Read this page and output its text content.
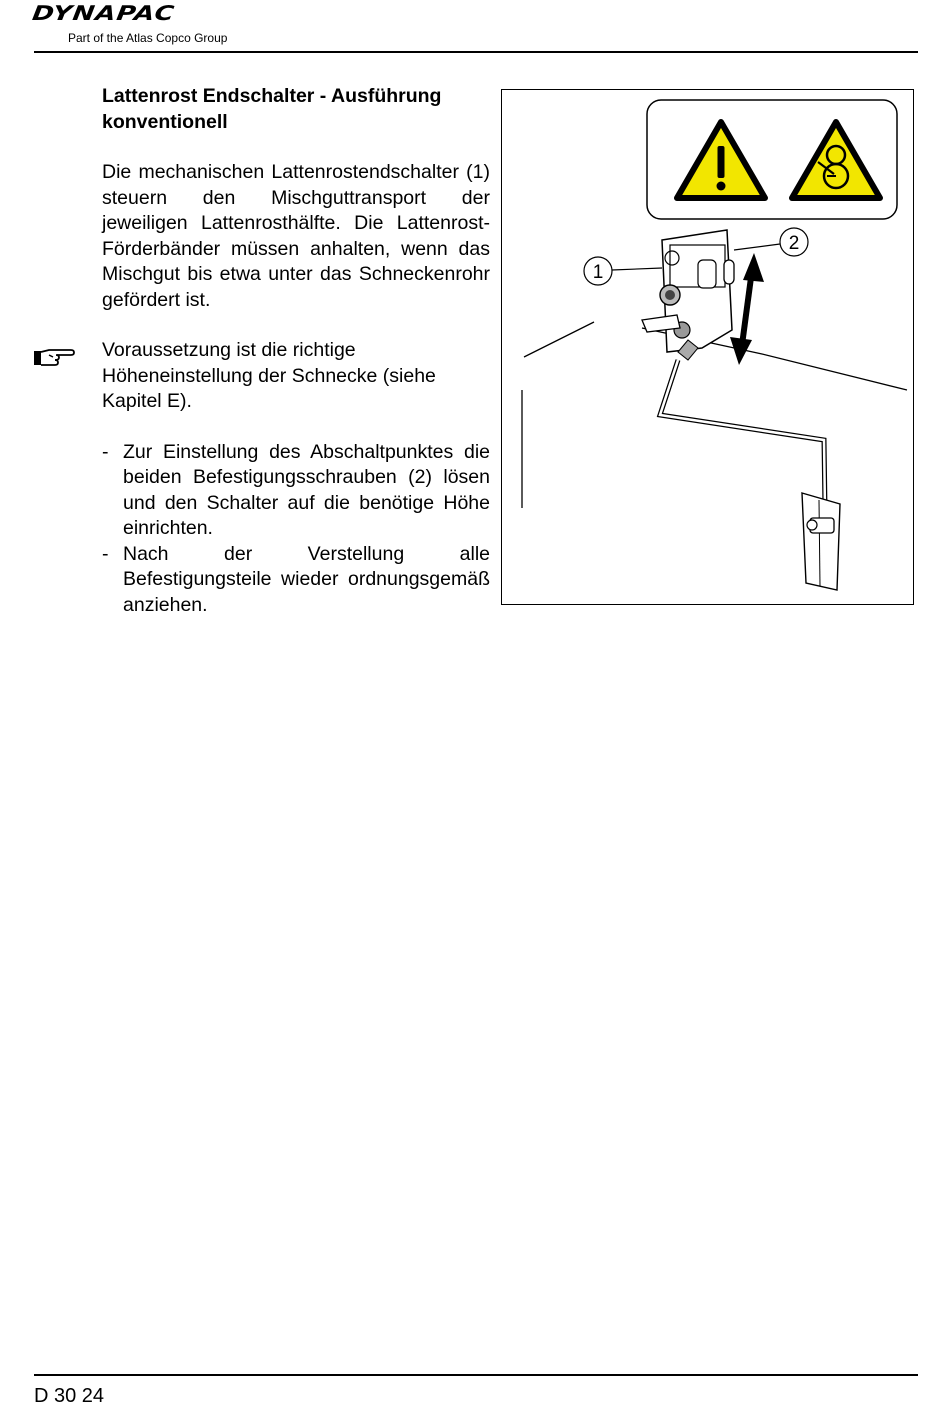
DYNAPAC
Part of the Atlas Copco Group
Lattenrost Endschalter - Ausführung konventionell
Die mechanischen Lattenrostendschalter (1) steuern den Mischguttransport der jeweiligen Lattenrosthälfte. Die Lattenrost-Förderbänder müssen anhalten, wenn das Mischgut bis etwa unter das Schneckenrohr gefördert ist.
Voraussetzung ist die richtige Höheneinstellung der Schnecke (siehe Kapitel E).
- Zur Einstellung des Abschaltpunktes die beiden Befestigungsschrauben (2) lösen und den Schalter auf die benötige Höhe einrichten.
- Nach der Verstellung alle Befestigungsteile wieder ordnungsgemäß anziehen.
1
2
D 30 24
